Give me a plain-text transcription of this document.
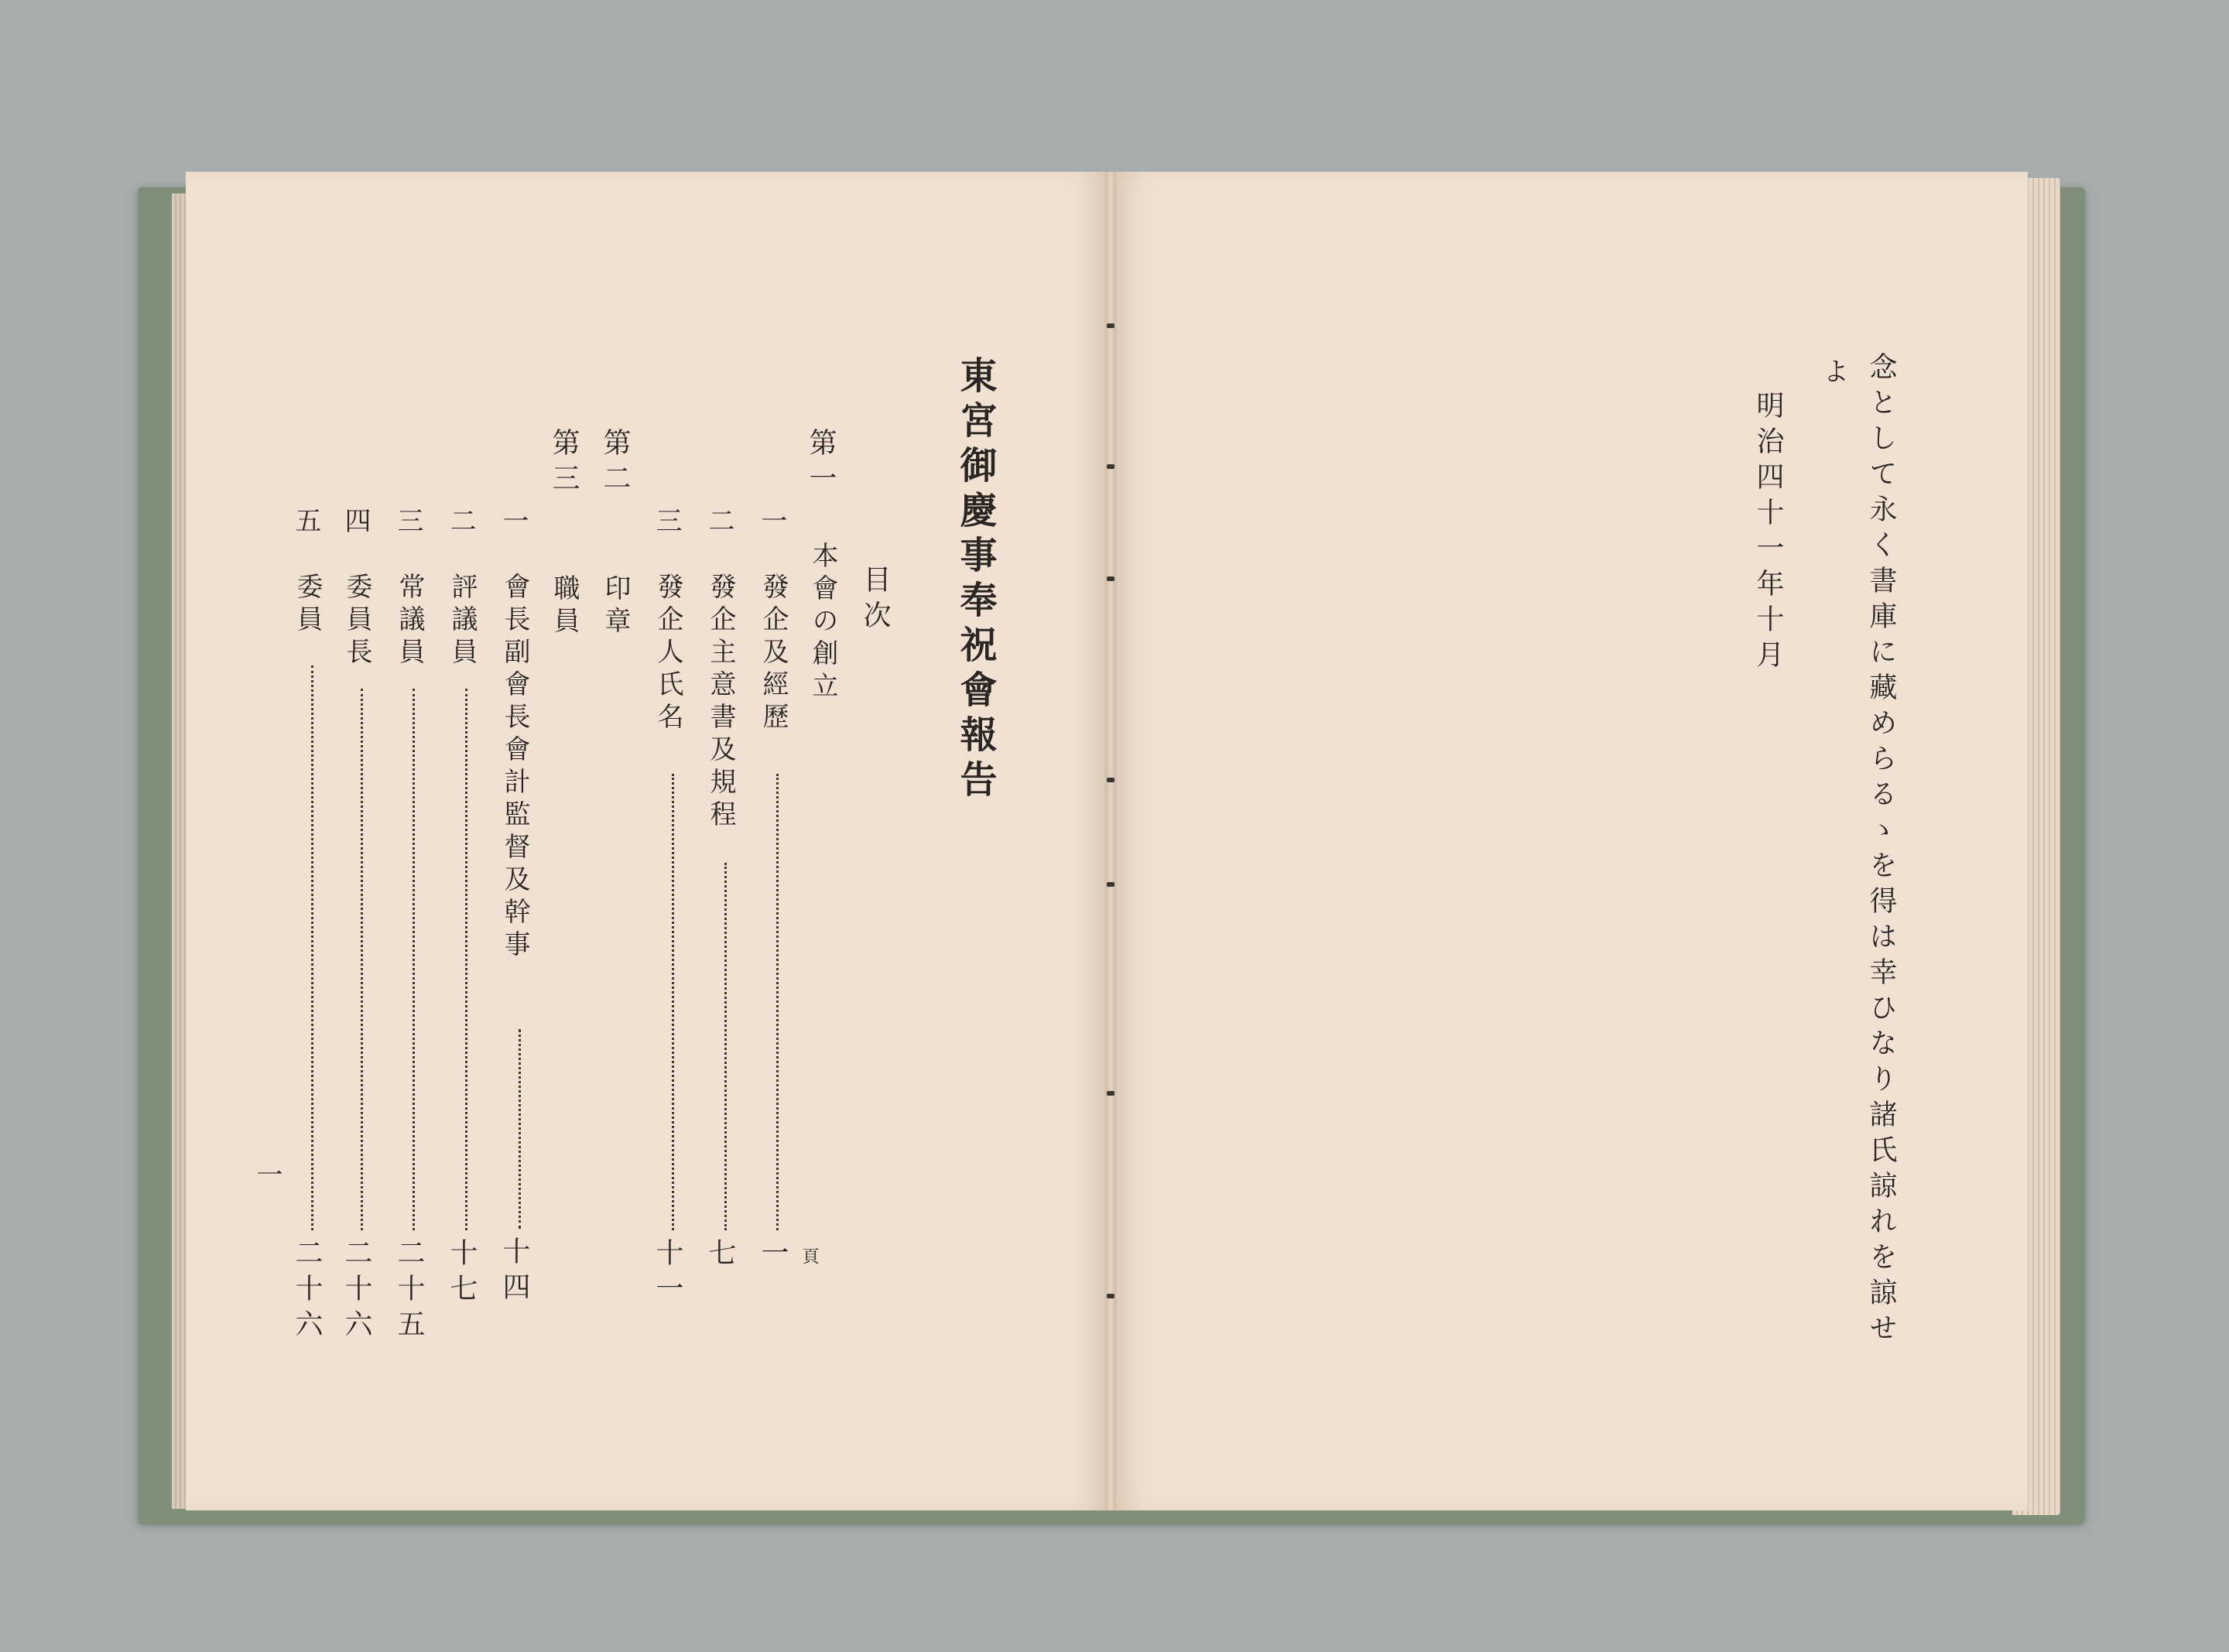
念として永く書庫に藏めらるゝを得は幸ひなり諸氏諒れを諒せ
よ
明治四十一年十月
東宮御慶事奉祝會報告
目次
第一
本會の創立
第二
印章
第三
職員
一
發企及經歷
一 頁
二
發企主意書及規程
七
三
發企人氏名
十一
一
會長副會長會計監督及幹事
十四
二
評議員
十七
三
常議員
二十五
四
委員長
二十六
五
委員
二十六
一
